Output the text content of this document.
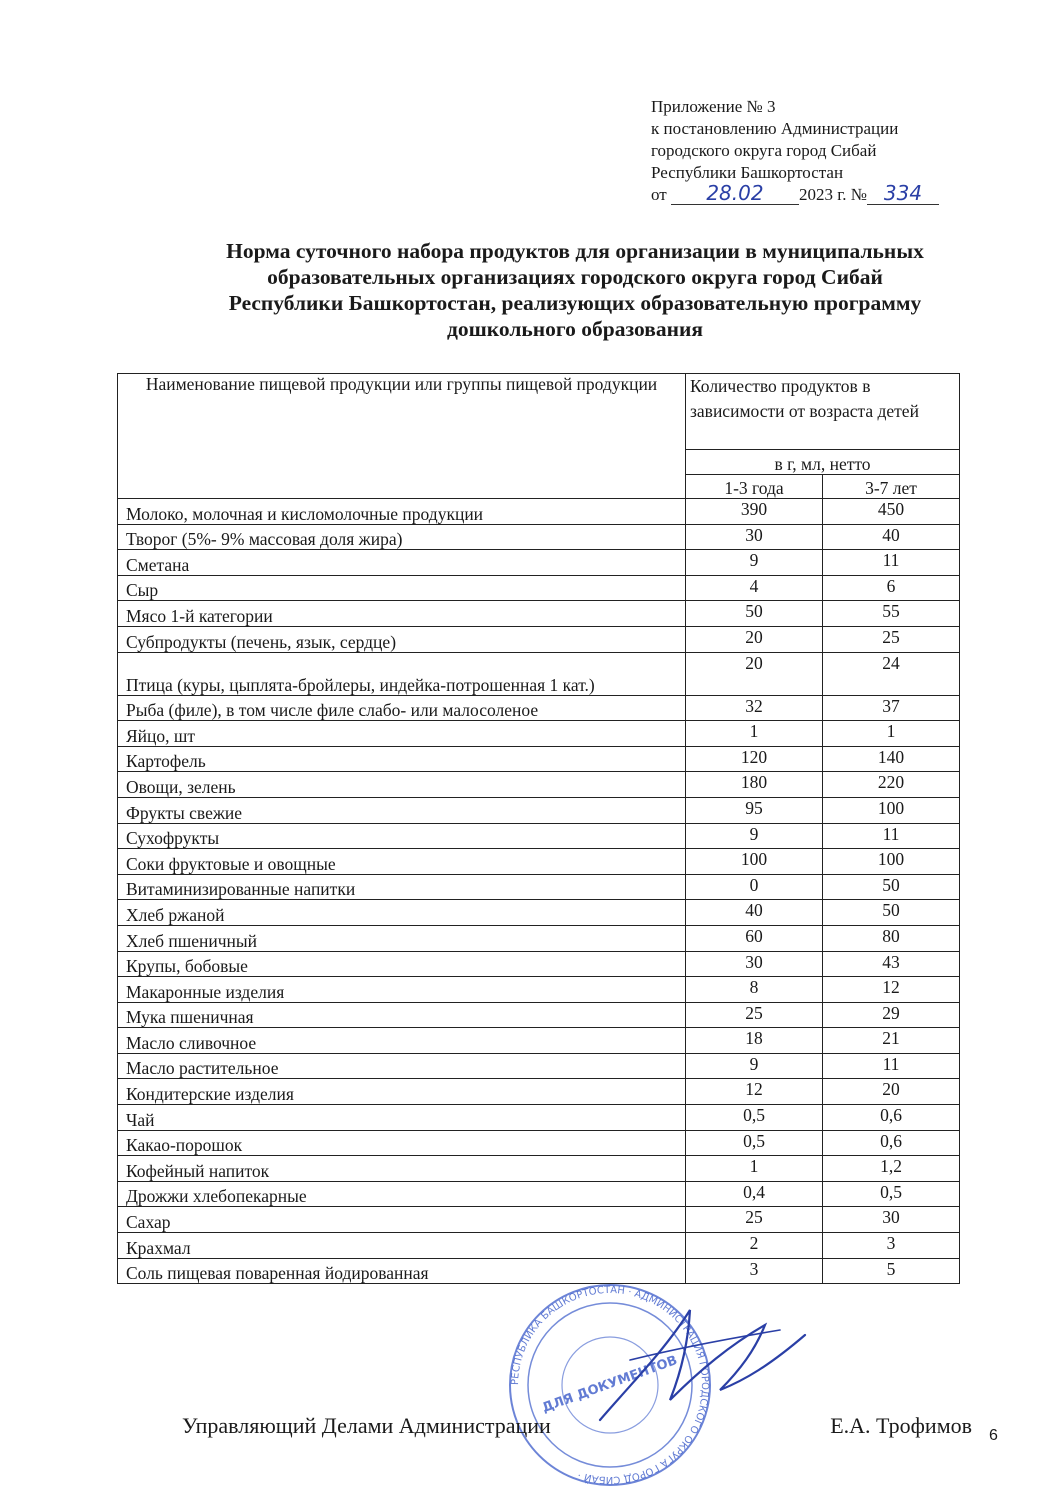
Приложение № 3
к постановлению Администрации
городского округа город Сибай
Республики Башкортостан
от 28.02 2023 г. № 334
Норма суточного набора продуктов для организации в муниципальных
образовательных организациях городского округа город Сибай
Республики Башкортостан, реализующих образовательную программу
дошкольного образования
Наименование пищевой продукции или группы пищевой продукции	Количество продуктов в зависимости от возраста детей	
	в г, мл, нетто	
	1-3 года	3-7 лет
Молоко, молочная и кисломолочные продукции	390	450
Творог (5%- 9% массовая доля жира)	30	40
Сметана	9	11
Сыр	4	6
Мясо 1-й категории	50	55
Субпродукты (печень, язык, сердце)	20	25
Птица (куры, цыплята-бройлеры, индейка-потрошенная 1 кат.)	20	24
Рыба (филе), в том числе филе слабо- или малосоленое	32	37
Яйцо, шт	1	1
Картофель	120	140
Овощи, зелень	180	220
Фрукты свежие	95	100
Сухофрукты	9	11
Соки фруктовые и овощные	100	100
Витаминизированные напитки	0	50
Хлеб ржаной	40	50
Хлеб пшеничный	60	80
Крупы, бобовые	30	43
Макаронные изделия	8	12
Мука пшеничная	25	29
Масло сливочное	18	21
Масло растительное	9	11
Кондитерские изделия	12	20
Чай	0,5	0,6
Какао-порошок	0,5	0,6
Кофейный напиток	1	1,2
Дрожжи хлебопекарные	0,4	0,5
Сахар	25	30
Крахмал	2	3
Соль пищевая поваренная йодированная	3	5
РЕСПУБЛИКА БАШКОРТОСТАН · АДМИНИСТРАЦИЯ ГОРОДСКОГО ОКРУГА ГОРОД СИБАЙ ·
ДЛЯ ДОКУМЕНТОВ
Управляющий Делами Администрации	Е.А. Трофимов 6
